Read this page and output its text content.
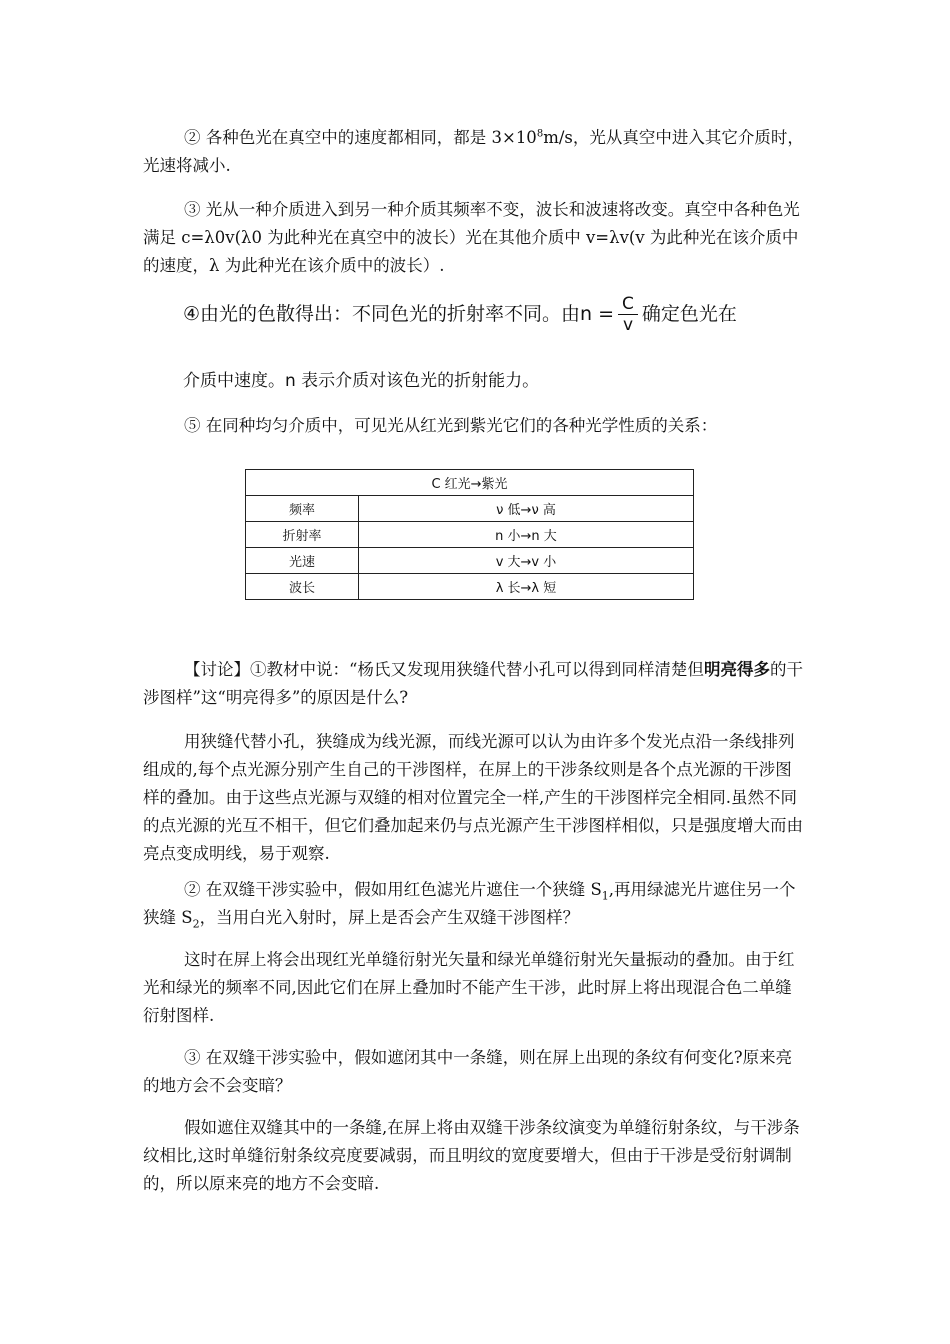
② 各种色光在真空中的速度都相同，都是 $3\times 10^8m/s$，光从真空中进入其它介质时，光速将减小.

③ 光从一种介质进入到另一种介质其频率不变，波长和波速将改变。真空中各种色光满足 c=λ0v(λ0 为此种光在真空中的波长）光在其他介质中 v=λv(v 为此种光在该介质中的速度，λ 为此种光在该介质中的波长）.

④由光的色散得出：不同色光的折射率不同。由$n = \frac{C}{v}$ 确定色光在
介质中速度。n 表示介质对该色光的折射能力。

⑤ 在同种均匀介质中，可见光从红光到紫光它们的各种光学性质的关系：

C 红光→紫光	
频率	ν 低→ν 高
折射率	n 小→n 大
光速	v 大→v 小
波长	λ 长→λ 短

【讨论】①教材中说：“杨氏又发现用狭缝代替小孔可以得到同样清楚但明亮得多的干涉图样”这“明亮得多”的原因是什么?

用狭缝代替小孔，狭缝成为线光源，而线光源可以认为由许多个发光点沿一条线排列组成的,每个点光源分别产生自己的干涉图样，在屏上的干涉条纹则是各个点光源的干涉图样的叠加。由于这些点光源与双缝的相对位置完全一样,产生的干涉图样完全相同.虽然不同的点光源的光互不相干，但它们叠加起来仍与点光源产生干涉图样相似，只是强度增大而由亮点变成明线，易于观察.

② 在双缝干涉实验中，假如用红色滤光片遮住一个狭缝 $S_1$,再用绿滤光片遮住另一个狭缝 $S_2$，当用白光入射时，屏上是否会产生双缝干涉图样？

这时在屏上将会出现红光单缝衍射光矢量和绿光单缝衍射光矢量振动的叠加。由于红光和绿光的频率不同,因此它们在屏上叠加时不能产生干涉，此时屏上将出现混合色二单缝衍射图样.

③ 在双缝干涉实验中，假如遮闭其中一条缝，则在屏上出现的条纹有何变化?原来亮的地方会不会变暗？

假如遮住双缝其中的一条缝,在屏上将由双缝干涉条纹演变为单缝衍射条纹，与干涉条纹相比,这时单缝衍射条纹亮度要减弱，而且明纹的宽度要增大，但由于干涉是受衍射调制的，所以原来亮的地方不会变暗.
